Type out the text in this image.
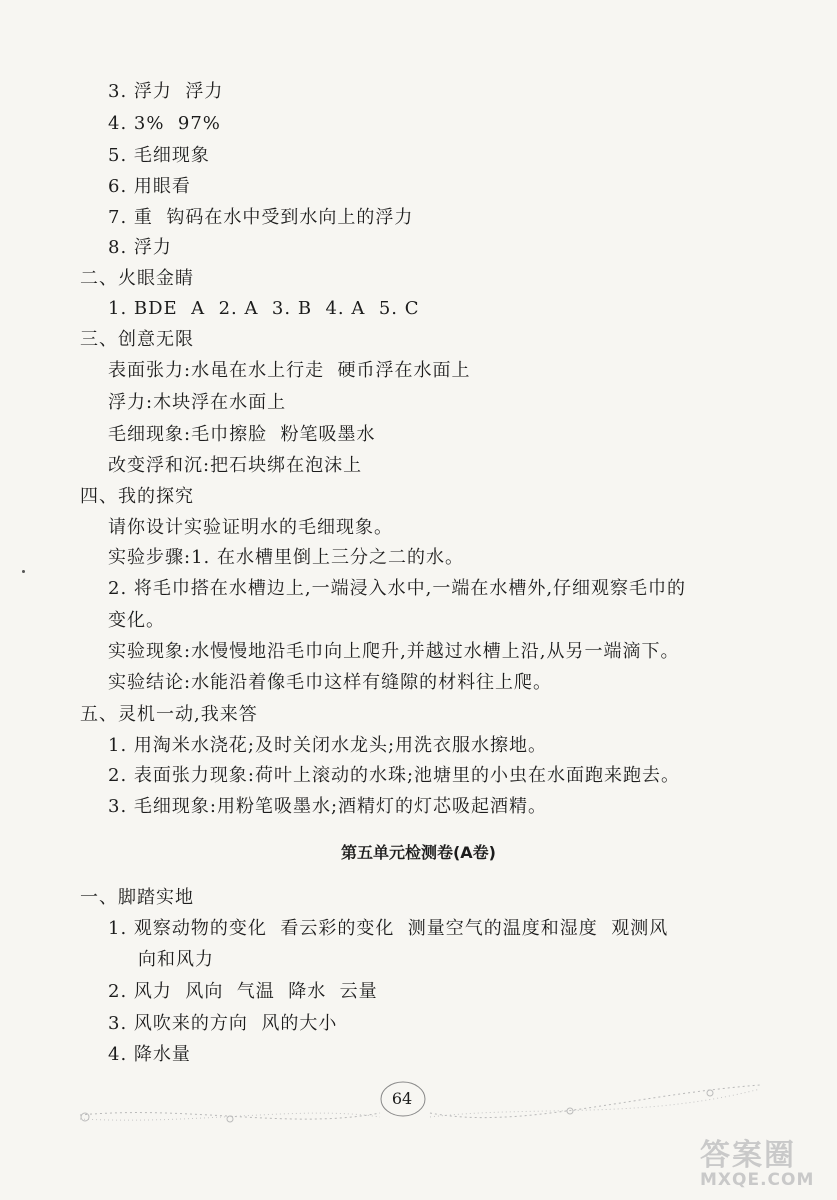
3. 浮力  浮力
4. 3%  97%
5. 毛细现象
6. 用眼看
7. 重  钩码在水中受到水向上的浮力
8. 浮力
二、火眼金睛
1. BDE  A  2. A  3. B  4. A  5. C
三、创意无限
表面张力:水黾在水上行走  硬币浮在水面上
浮力:木块浮在水面上
毛细现象:毛巾擦脸  粉笔吸墨水
改变浮和沉:把石块绑在泡沫上
四、我的探究
请你设计实验证明水的毛细现象。
实验步骤:1. 在水槽里倒上三分之二的水。
2. 将毛巾搭在水槽边上,一端浸入水中,一端在水槽外,仔细观察毛巾的
变化。
实验现象:水慢慢地沿毛巾向上爬升,并越过水槽上沿,从另一端滴下。
实验结论:水能沿着像毛巾这样有缝隙的材料往上爬。
五、灵机一动,我来答
1. 用淘米水浇花;及时关闭水龙头;用洗衣服水擦地。
2. 表面张力现象:荷叶上滚动的水珠;池塘里的小虫在水面跑来跑去。
3. 毛细现象:用粉笔吸墨水;酒精灯的灯芯吸起酒精。
第五单元检测卷(A卷)
一、脚踏实地
1. 观察动物的变化  看云彩的变化  测量空气的温度和湿度  观测风
向和风力
2. 风力  风向  气温  降水  云量
3. 风吹来的方向  风的大小
4. 降水量
64
答案圈
MXQE.COM
